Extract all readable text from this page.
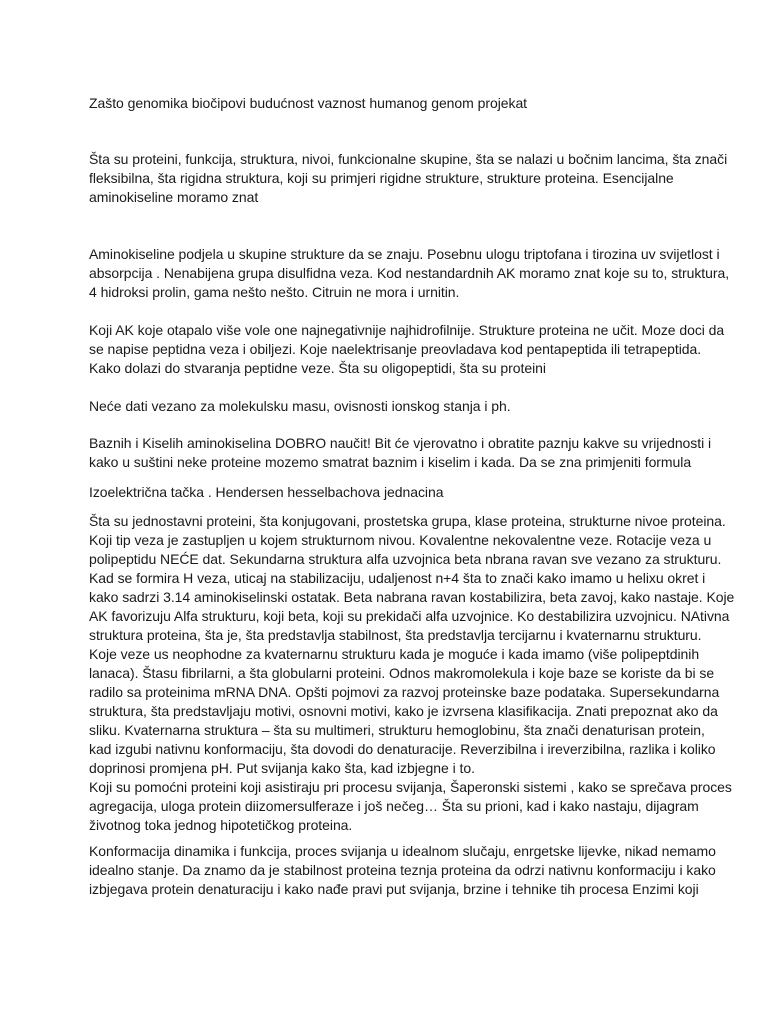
Zašto genomika biočipovi budućnost vaznost humanog genom projekat

Šta su proteini, funkcija, struktura, nivoi, funkcionalne skupine, šta se nalazi u bočnim lancima, šta znači
fleksibilna, šta rigidna struktura, koji su primjeri rigidne strukture, strukture proteina. Esencijalne
aminokiseline moramo znat

Aminokiseline podjela u skupine strukture da se znaju. Posebnu ulogu triptofana i tirozina uv svijetlost i
absorpcija . Nenabijena grupa disulfidna veza. Kod nestandardnih AK moramo znat koje su to, struktura,
4 hidroksi prolin, gama nešto nešto. Citruin ne mora i urnitin.

Koji AK koje otapalo više vole one najnegativnije najhidrofilnije. Strukture proteina ne učit. Moze doci da
se napise peptidna veza i obiljezi. Koje naelektrisanje preovladava kod pentapeptida ili tetrapeptida.
Kako dolazi do stvaranja peptidne veze. Šta su oligopeptidi, šta su proteini

Neće dati vezano za molekulsku masu, ovisnosti ionskog stanja i ph.

Baznih i Kiselih aminokiselina DOBRO naučit! Bit će vjerovatno i obratite paznju kakve su vrijednosti i
kako u suštini neke proteine mozemo smatrat baznim i kiselim i kada. Da se zna primjeniti formula

Izoelektrična tačka . Hendersen hesselbachova jednacina

Šta su jednostavni proteini, šta konjugovani, prostetska grupa, klase proteina, strukturne nivoe proteina.
Koji tip veza je zastupljen u kojem strukturnom nivou. Kovalentne nekovalentne veze. Rotacije veza u
polipeptidu NEĆE dat. Sekundarna struktura alfa uzvojnica beta nbrana ravan sve vezano za strukturu.
Kad se formira H veza, uticaj na stabilizaciju, udaljenost n+4 šta to znači kako imamo u helixu okret i
kako sadrzi 3.14 aminokiselinski ostatak. Beta nabrana ravan kostabilizira, beta zavoj, kako nastaje. Koje
AK favorizuju Alfa strukturu, koji beta, koji su prekidači alfa uzvojnice. Ko destabilizira uzvojnicu. NAtivna
struktura proteina, šta je, šta predstavlja stabilnost, šta predstavlja tercijarnu i kvaternarnu strukturu.
Koje veze us neophodne za kvaternarnu strukturu kada je moguće i kada imamo (više polipeptdinih
lanaca). Štasu fibrilarni, a šta globularni proteini. Odnos makromolekula i koje baze se koriste da bi se
radilo sa proteinima mRNA DNA. Opšti pojmovi za razvoj proteinske baze podataka. Supersekundarna
struktura, šta predstavljaju motivi, osnovni motivi, kako je izvrsena klasifikacija. Znati prepoznat ako da
sliku. Kvaternarna struktura – šta su multimeri, strukturu hemoglobinu, šta znači denaturisan protein,
kad izgubi nativnu konformaciju, šta dovodi do denaturacije. Reverzibilna i ireverzibilna, razlika i koliko
doprinosi promjena pH. Put svijanja kako šta, kad izbjegne i to.
Koji su pomoćni proteini koji asistiraju pri procesu svijanja, Šaperonski sistemi , kako se sprečava proces
agregacija, uloga protein diizomersulferaze i još nečeg… Šta su prioni, kad i kako nastaju, dijagram
životnog toka jednog hipotetičkog proteina.

Konformacija dinamika i funkcija, proces svijanja u idealnom slučaju, enrgetske lijevke, nikad nemamo
idealno stanje. Da znamo da je stabilnost proteina teznja proteina da odrzi nativnu konformaciju i kako
izbjegava protein denaturaciju i kako nađe pravi put svijanja, brzine i tehnike tih procesa Enzimi koji
